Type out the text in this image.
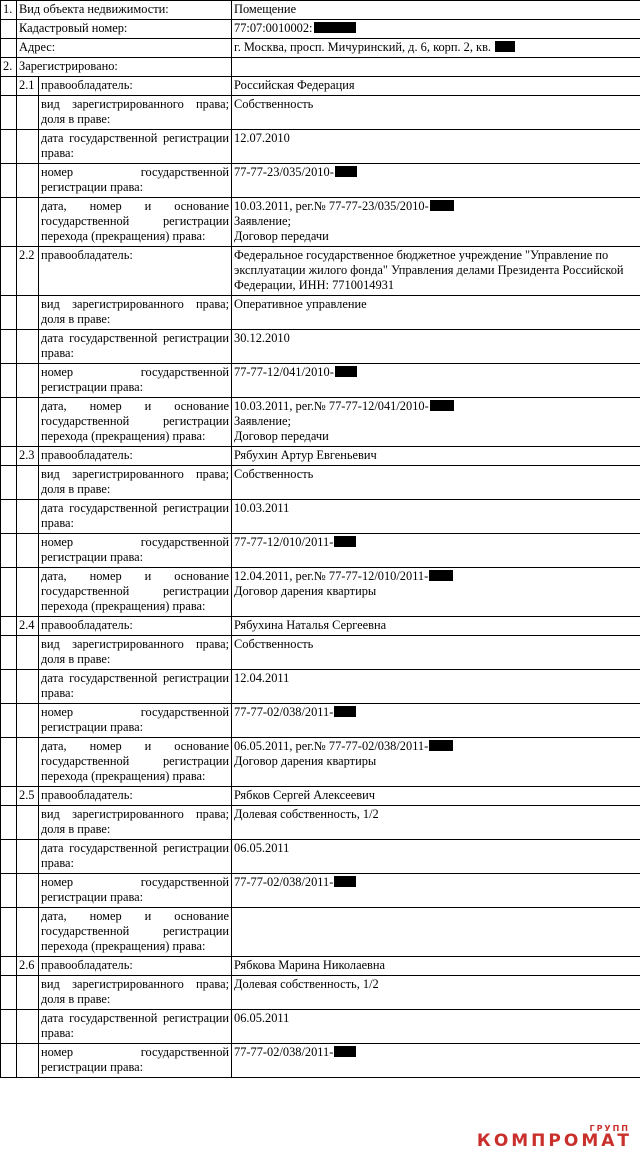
1.	Вид объекта недвижимости:		Помещение
	Кадастровый номер:		77:07:0010002:
	Адрес:		г. Москва, просп. Мичуринский, д. 6, корп. 2, кв.
2.	Зарегистрировано:		
	2.1	правообладатель:	Российская Федерация
		вид зарегистрированного права; доля в праве:	Собственность
		дата государственной регистрации права:	12.07.2010
		номер государственной регистрации права:	77-77-23/035/2010-
		дата, номер и основание государственной регистрации перехода (прекращения) права:	10.03.2011, рег.№ 77-77-23/035/2010-
Заявление;
Договор передачи

	2.2	правообладатель:	Федеральное государственное бюджетное учреждение "Управление по эксплуатации жилого фонда" Управления делами Президента Российской Федерации, ИНН: 7710014931
		вид зарегистрированного права; доля в праве:	Оперативное управление
		дата государственной регистрации права:	30.12.2010
		номер государственной регистрации права:	77-77-12/041/2010-
		дата, номер и основание государственной регистрации перехода (прекращения) права:	10.03.2011, рег.№ 77-77-12/041/2010-
Заявление;
Договор передачи

	2.3	правообладатель:	Рябухин Артур Евгеньевич
		вид зарегистрированного права; доля в праве:	Собственность
		дата государственной регистрации права:	10.03.2011
		номер государственной регистрации права:	77-77-12/010/2011-
		дата, номер и основание государственной регистрации перехода (прекращения) права:	12.04.2011, рег.№ 77-77-12/010/2011-
Договор дарения квартиры

	2.4	правообладатель:	Рябухина Наталья Сергеевна
		вид зарегистрированного права; доля в праве:	Собственность
		дата государственной регистрации права:	12.04.2011
		номер государственной регистрации права:	77-77-02/038/2011-
		дата, номер и основание государственной регистрации перехода (прекращения) права:	06.05.2011, рег.№ 77-77-02/038/2011-
Договор дарения квартиры

	2.5	правообладатель:	Рябков Сергей Алексеевич
		вид зарегистрированного права; доля в праве:	Долевая собственность, 1/2
		дата государственной регистрации права:	06.05.2011
		номер государственной регистрации права:	77-77-02/038/2011-
		дата, номер и основание государственной регистрации перехода (прекращения) права:	
	2.6	правообладатель:	Рябкова Марина Николаевна
		вид зарегистрированного права; доля в праве:	Долевая собственность, 1/2
		дата государственной регистрации права:	06.05.2011
		номер государственной регистрации права:	77-77-02/038/2011-
ГРУПП
КОМПРОМАТ
